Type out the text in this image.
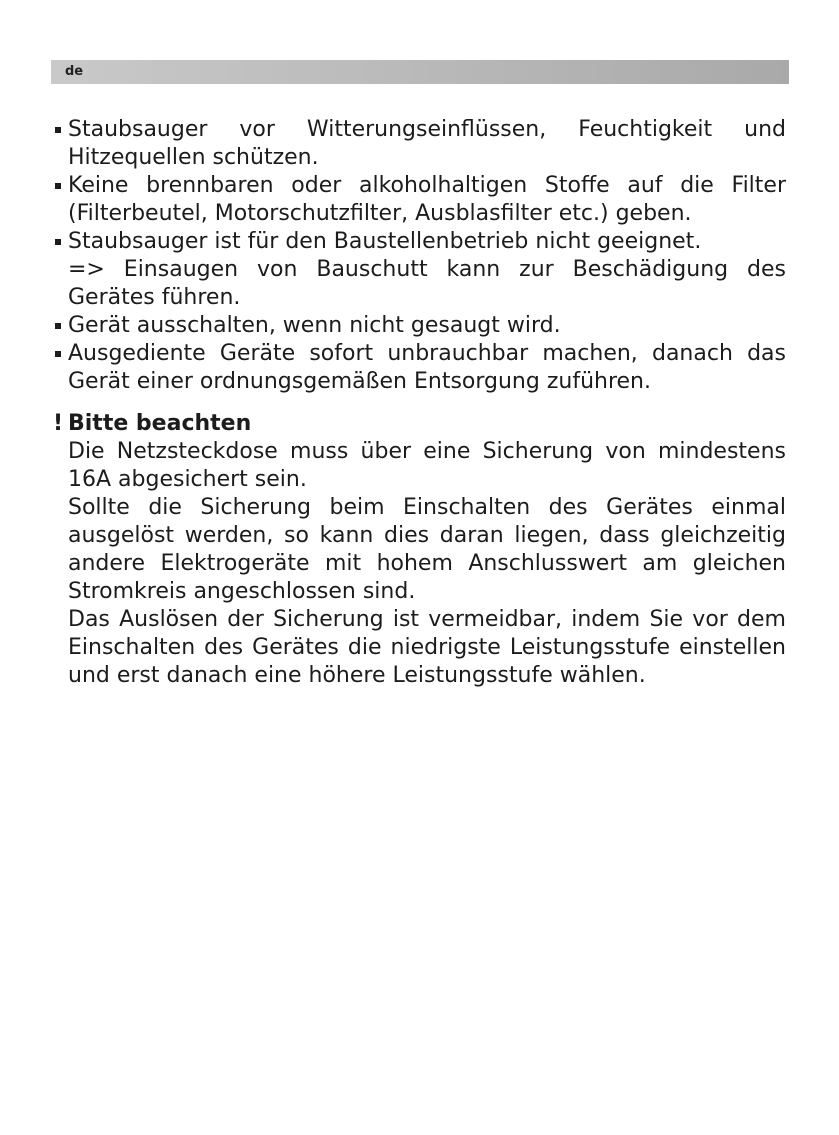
de

Staubsauger vor Witterungseinflüssen, Feuchtigkeit und Hitzequellen schützen.

Keine brennbaren oder alkoholhaltigen Stoffe auf die Filter (Filterbeutel, Motorschutzfilter, Ausblasfilter etc.) geben.

Staubsauger ist für den Baustellenbetrieb nicht geeignet.

=> Einsaugen von Bauschutt kann zur Beschädigung des Gerätes führen.

Gerät ausschalten, wenn nicht gesaugt wird.

Ausgediente Geräte sofort unbrauchbar machen, danach das Gerät einer ordnungsgemäßen Entsorgung zuführen.

! Bitte beachten

Die Netzsteckdose muss über eine Sicherung von mindestens 16A abgesichert sein.

Sollte die Sicherung beim Einschalten des Gerätes einmal ausgelöst werden, so kann dies daran liegen, dass gleichzeitig andere Elektrogeräte mit hohem Anschlusswert am gleichen Stromkreis angeschlossen sind.

Das Auslösen der Sicherung ist vermeidbar, indem Sie vor dem Einschalten des Gerätes die niedrigste Leistungsstufe einstellen und erst danach eine höhere Leistungsstufe wählen.
